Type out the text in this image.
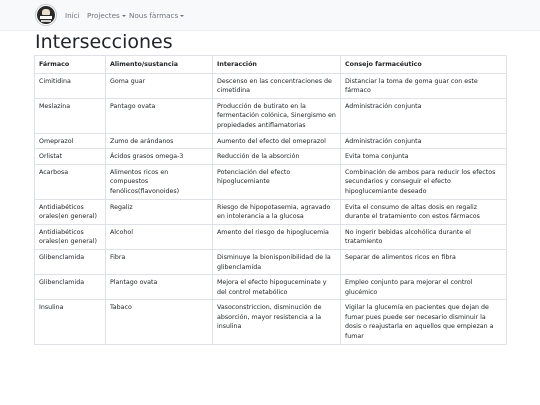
Inici Projectes	Nous fàrmacs
Intersecciones
Fármaco	Alimento/sustancia	Interacción	Consejo farmacéutico
Cimitidina	Goma guar	Descenso en las concentraciones de cimetidina	Distanciar la toma de goma guar con este fármaco
Meslazina	Pantago ovata	Producción de butirato en la fermentación colónica, Sinergismo en propiedades antiflamatorias	Administración conjunta
Omeprazol	Zumo de arándanos	Aumento del efecto del omeprazol	Administración conjunta
Orlistat	Ácidos grasos omega-3	Reducción de la absorción	Evita toma conjunta
Acarbosa	Alimentos ricos en compuestos fenólicos(flavonoides)	Potenciación del efecto hipoglucemiante	Combinación de ambos para reducir los efectos secundarios y conseguir el efecto hipoglucemiante deseado
Antidiabéticos orales(en general)	Regaliz	Riesgo de hipopotasemia, agravado en intolerancia a la glucosa	Evita el consumo de altas dosis en regaliz durante el tratamiento con estos fármacos
Antidiabéticos orales(en general)	Alcohol	Amento del riesgo de hipoglucemia	No ingerir bebidas alcohólica durante el tratamiento
Glibenclamida	Fibra	Disminuye la bionisponibilidad de la glibenclamida	Separar de alimentos ricos en fibra
Glibenclamida	Plantago ovata	Mejora el efecto hipoguceminate y del control metabólico	Empleo conjunto para mejorar el control glucémico
Insulina	Tabaco	Vasoconstriccion, disminución de absorción, mayor resistencia a la insulina	Vigilar la glucemía en pacientes que dejan de fumar pues puede ser necesario disminuir la dosis o reajustarla en aquellos que empiezan a fumar
